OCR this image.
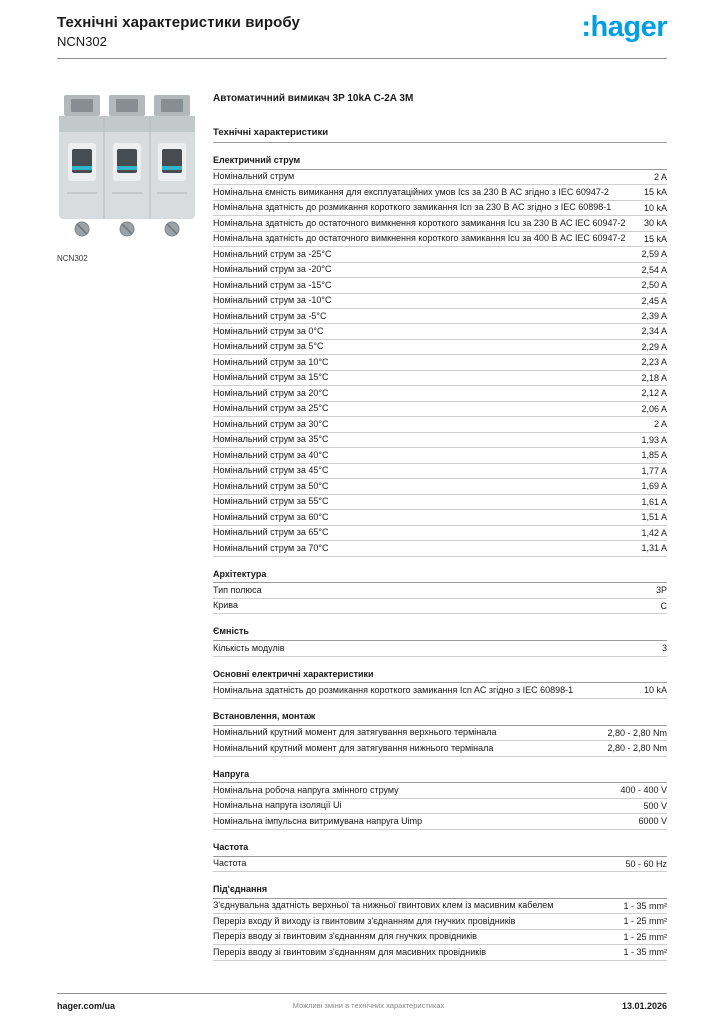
Технічні характеристики виробу
NCN302	:hager
NCN302
Автоматичний вимикач 3P 10kA C-2A 3M
Технічні характеристики
Електричний струм
Номінальний струм	2 A
Номінальна ємність вимикання для експлуатаційних умов Ics за 230 В AC згідно з IEC 60947-2	15 kA
Номінальна здатність до розмикання короткого замикання Icn за 230 В AC згідно з IEC 60898-1	10 kA
Номінальна здатність до остаточного вимкнення короткого замикання Icu за 230 В AC IEC 60947-2	30 kA
Номінальна здатність до остаточного вимкнення короткого замикання Icu за 400 В AC IEC 60947-2	15 kA
Номінальний струм за -25°C	2,59 A
Номінальний струм за -20°C	2,54 A
Номінальний струм за -15°C	2,50 A
Номінальний струм за -10°C	2,45 A
Номінальний струм за -5°C	2,39 A
Номінальний струм за 0°C	2,34 A
Номінальний струм за 5°C	2,29 A
Номінальний струм за 10°C	2,23 A
Номінальний струм за 15°C	2,18 A
Номінальний струм за 20°C	2,12 A
Номінальний струм за 25°C	2,06 A
Номінальний струм за 30°C	2 A
Номінальний струм за 35°C	1,93 A
Номінальний струм за 40°C	1,85 A
Номінальний струм за 45°C	1,77 A
Номінальний струм за 50°C	1,69 A
Номінальний струм за 55°C	1,61 A
Номінальний струм за 60°C	1,51 A
Номінальний струм за 65°C	1,42 A
Номінальний струм за 70°C	1,31 A
Архітектура
Тип полюса	3P
Крива	C
Ємність
Кількість модулів	3
Основні електричні характеристики
Номінальна здатність до розмикання короткого замикання Icn AC згідно з IEC 60898-1	10 kA
Встановлення, монтаж
Номінальний крутний момент для затягування верхнього термінала	2,80 - 2,80 Nm
Номінальний крутний момент для затягування нижнього термінала	2,80 - 2,80 Nm
Напруга
Номінальна робоча напруга змінного струму	400 - 400 V
Номінальна напруга ізоляції Ui	500 V
Номінальна імпульсна витримувана напруга Uimp	6000 V
Частота
Частота	50 - 60 Hz
Під'єднання
З'єднувальна здатність верхньої та нижньої гвинтових клем із масивним кабелем	1 - 35 mm²
Переріз входу й виходу із гвинтовим з'єднанням для гнучких провідників	1 - 25 mm²
Переріз вводу зі гвинтовим з'єднанням для гнучких провідників	1 - 25 mm²
Переріз вводу зі гвинтовим з'єднанням для масивних провідників	1 - 35 mm²
hager.com/ua	Можливі зміни в технічних характеристиках	13.01.2026
